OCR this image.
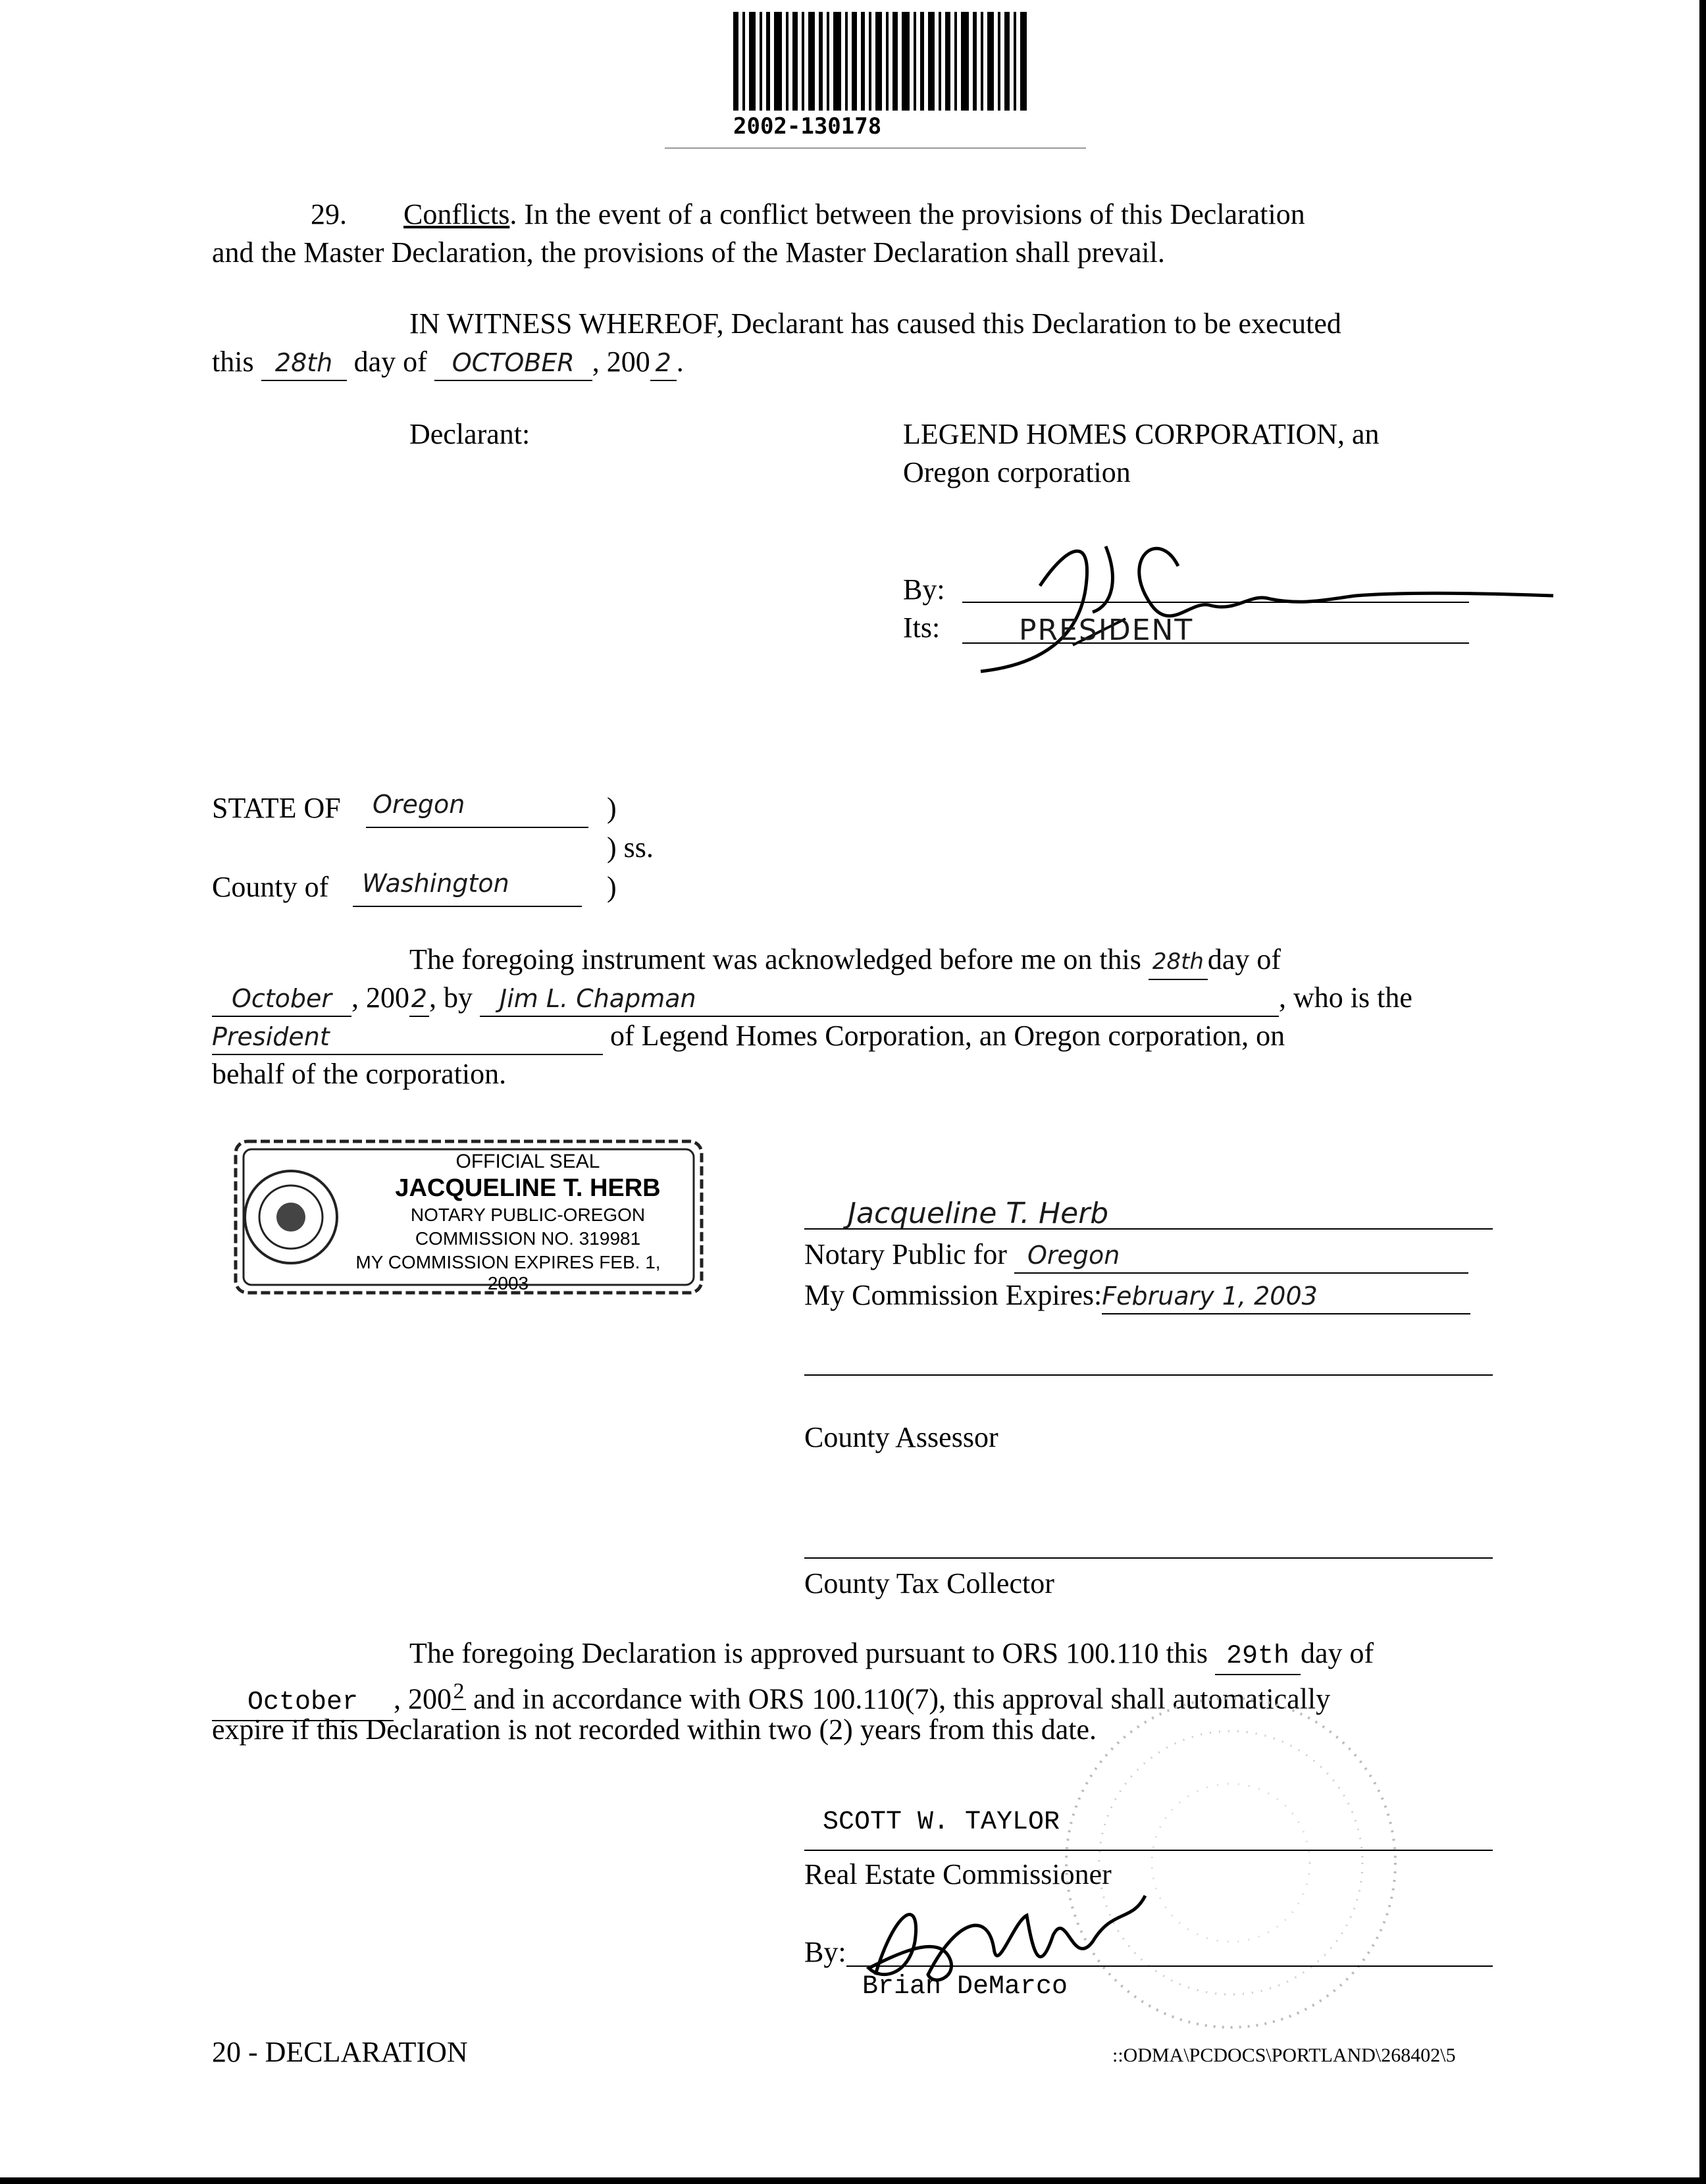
2002-130178
29. Conflicts. In the event of a conflict between the provisions of this Declaration
and the Master Declaration, the provisions of the Master Declaration shall prevail.
IN WITNESS WHEREOF, Declarant has caused this Declaration to be executed
this 28th day of OCTOBER , 200 2 .
Declarant:	LEGEND HOMES CORPORATION, an
Oregon corporation
By:
Its:	PRESIDENT
STATE OF Oregon	)
) ss.
County of Washington	)
The foregoing instrument was acknowledged before me on this 28th day of
October , 2002, by Jim L. Chapman	, who is the
President	of Legend Homes Corporation, an Oregon corporation, on
behalf of the corporation.
OFFICIAL SEAL
JACQUELINE T. HERB
NOTARY PUBLIC-OREGON
COMMISSION NO. 319981
MY COMMISSION EXPIRES FEB. 1, 2003
Jacqueline T. Herb
Notary Public for Oregon
My Commission Expires:February 1, 2003
County Assessor
County Tax Collector
The foregoing Declaration is approved pursuant to ORS 100.110 this 29th day of
October , 2002 and in accordance with ORS 100.110(7), this approval shall automatically
expire if this Declaration is not recorded within two (2) years from this date.
SCOTT W. TAYLOR
Real Estate Commissioner
By:
Brian DeMarco
20 - DECLARATION	::ODMA\PCDOCS\PORTLAND\268402\5
